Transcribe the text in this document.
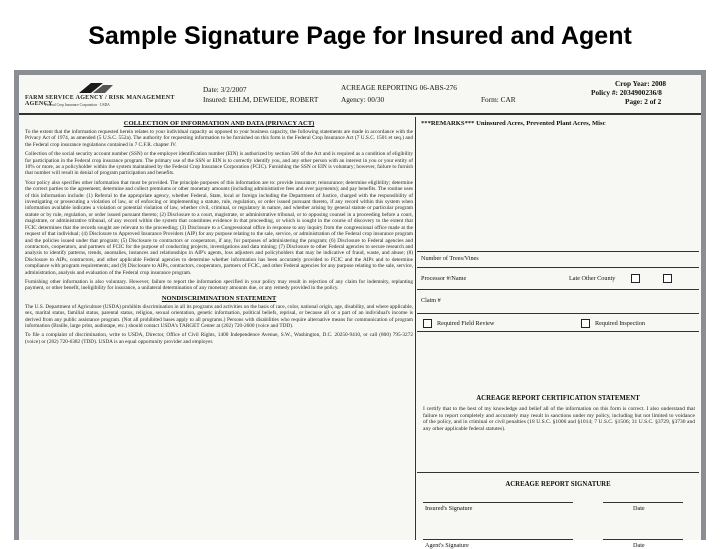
Sample Signature Page for Insured and Agent
FARM SERVICE AGENCY / RISK MANAGEMENT AGENCY
Federal Crop Insurance Corporation · USDA
Date: 3/2/2007
Insured: EHLM, DEWEIDE, ROBERT
ACREAGE REPORTING 06-ABS-276
Agency: 00/30	Form: CAR
Crop Year: 2008
Policy #: 2034900236/8
Page: 2 of 2
COLLECTION OF INFORMATION AND DATA (PRIVACY ACT)

To the extent that the information requested herein relates to your individual capacity as opposed to your business capacity, the following statements are made in accordance with the Privacy Act of 1974, as amended (5 U.S.C. 552a). The authority for requesting information to be furnished on this form is the Federal Crop Insurance Act (7 U.S.C. 1501 et seq.) and the Federal crop insurance regulations contained in 7 C.F.R. chapter IV.

Collection of the social security account number (SSN) or the employer identification number (EIN) is authorized by section 506 of the Act and is required as a condition of eligibility for participation in the Federal crop insurance program. The primary use of the SSN or EIN is to correctly identify you, and any other person with an interest in you or your entity of 10% or more, as a policyholder within the system maintained by the Federal Crop Insurance Corporation (FCIC). Furnishing the SSN or EIN is voluntary; however, failure to furnish that number will result in denial of program participation and benefits.

Your policy also specifies other information that must be provided. The principle purposes of this information are to: provide insurance; reinsurance; determine eligibility; determine the correct parties to the agreement; determine and collect premiums or other monetary amounts (including administrative fees and over payments); and pay benefits. The routine uses of this information include: (1) Referral to the appropriate agency, whether Federal, State, local or foreign including the Department of Justice, charged with the responsibility of investigating or prosecuting a violation of law, or of enforcing or implementing a statute, rule, regulation, or order issued pursuant thereto, if any record within this system when information available indicates a violation or potential violation of law, whether civil, criminal, or regulatory in nature, and whether arising by general statute or particular program statute or by rule, regulation, or order issued pursuant thereto; (2) Disclosure to a court, magistrate, or administrative tribunal, or to opposing counsel in a proceeding before a court, magistrate, or administrative tribunal, of any record within the system that constitutes evidence in that proceeding, or which is sought in the course of discovery to the extent that FCIC determines that the records sought are relevant to the proceeding; (3) Disclosure to a Congressional office in response to any inquiry from the congressional office made at the request of that individual; (4) Disclosure to Approved Insurance Providers (AIP) for any purpose relating to the sale, service, or administration of the Federal crop insurance program and the policies issued under that program; (5) Disclosure to contractors or cooperators, if any, for purposes of administering the program; (6) Disclosure to Federal agencies and contractors, cooperators, and partners of FCIC for the purpose of conducting projects, investigations and data mining; (7) Disclosure to other Federal agencies to secure research and analysis to identify patterns, trends, anomalies, instances and relationships in AIP's agents, loss adjusters and policyholders that may be indicative of fraud, waste, and abuse; (8) Disclosure to AIPs, contractors, and other applicable Federal agencies to determine whether information has been accurately provided to FCIC and the AIPs and to determine compliance with program requirements; and (9) Disclosure to AIPs, contractors, cooperators, partners of FCIC, and other Federal agencies for any purpose relating to the sale, service, administration, analysis and evaluation of the Federal crop insurance program.

Furnishing other information is also voluntary. However, failure to report the information specified in your policy may result in rejection of any claim for indemnity, replanting payment, or other benefit, ineligibility for insurance, a unilateral determination of any monetary amounts due, or any remedy provided in the policy.

NONDISCRIMINATION STATEMENT

The U.S. Department of Agriculture (USDA) prohibits discrimination in all its programs and activities on the basis of race, color, national origin, age, disability, and where applicable, sex, marital status, familial status, parental status, religion, sexual orientation, genetic information, political beliefs, reprisal, or because all or a part of an individual's income is derived from any public assistance program. (Not all prohibited bases apply to all programs.) Persons with disabilities who require alternative means for communication of program information (Braille, large print, audiotape, etc.) should contact USDA's TARGET Center at (202) 720-2600 (voice and TDD).

To file a complaint of discrimination, write to USDA, Director, Office of Civil Rights, 1400 Independence Avenue, S.W., Washington, D.C. 20250-9410, or call (800) 795-3272 (voice) or (202) 720-6382 (TDD). USDA is an equal opportunity provider and employer.

***REMARKS*** Uninsured Acres, Prevented Plant Acres, Misc
Number of Trees/Vines
Processor #/Name	Late Other County
Claim #
Required Field Review	Required Inspection
ACREAGE REPORT CERTIFICATION STATEMENT
I certify that to the best of my knowledge and belief all of the information on this form is correct. I also understand that failure to report completely and accurately may result in sanctions under my policy, including but not limited to voidance of the policy, and in criminal or civil penalties (18 U.S.C. §1006 and §1014; 7 U.S.C. §1506; 31 U.S.C. §3729, §3730 and any other applicable federal statutes).
ACREAGE REPORT SIGNATURE
Insured's Signature	Date
Agent's Signature	Date
